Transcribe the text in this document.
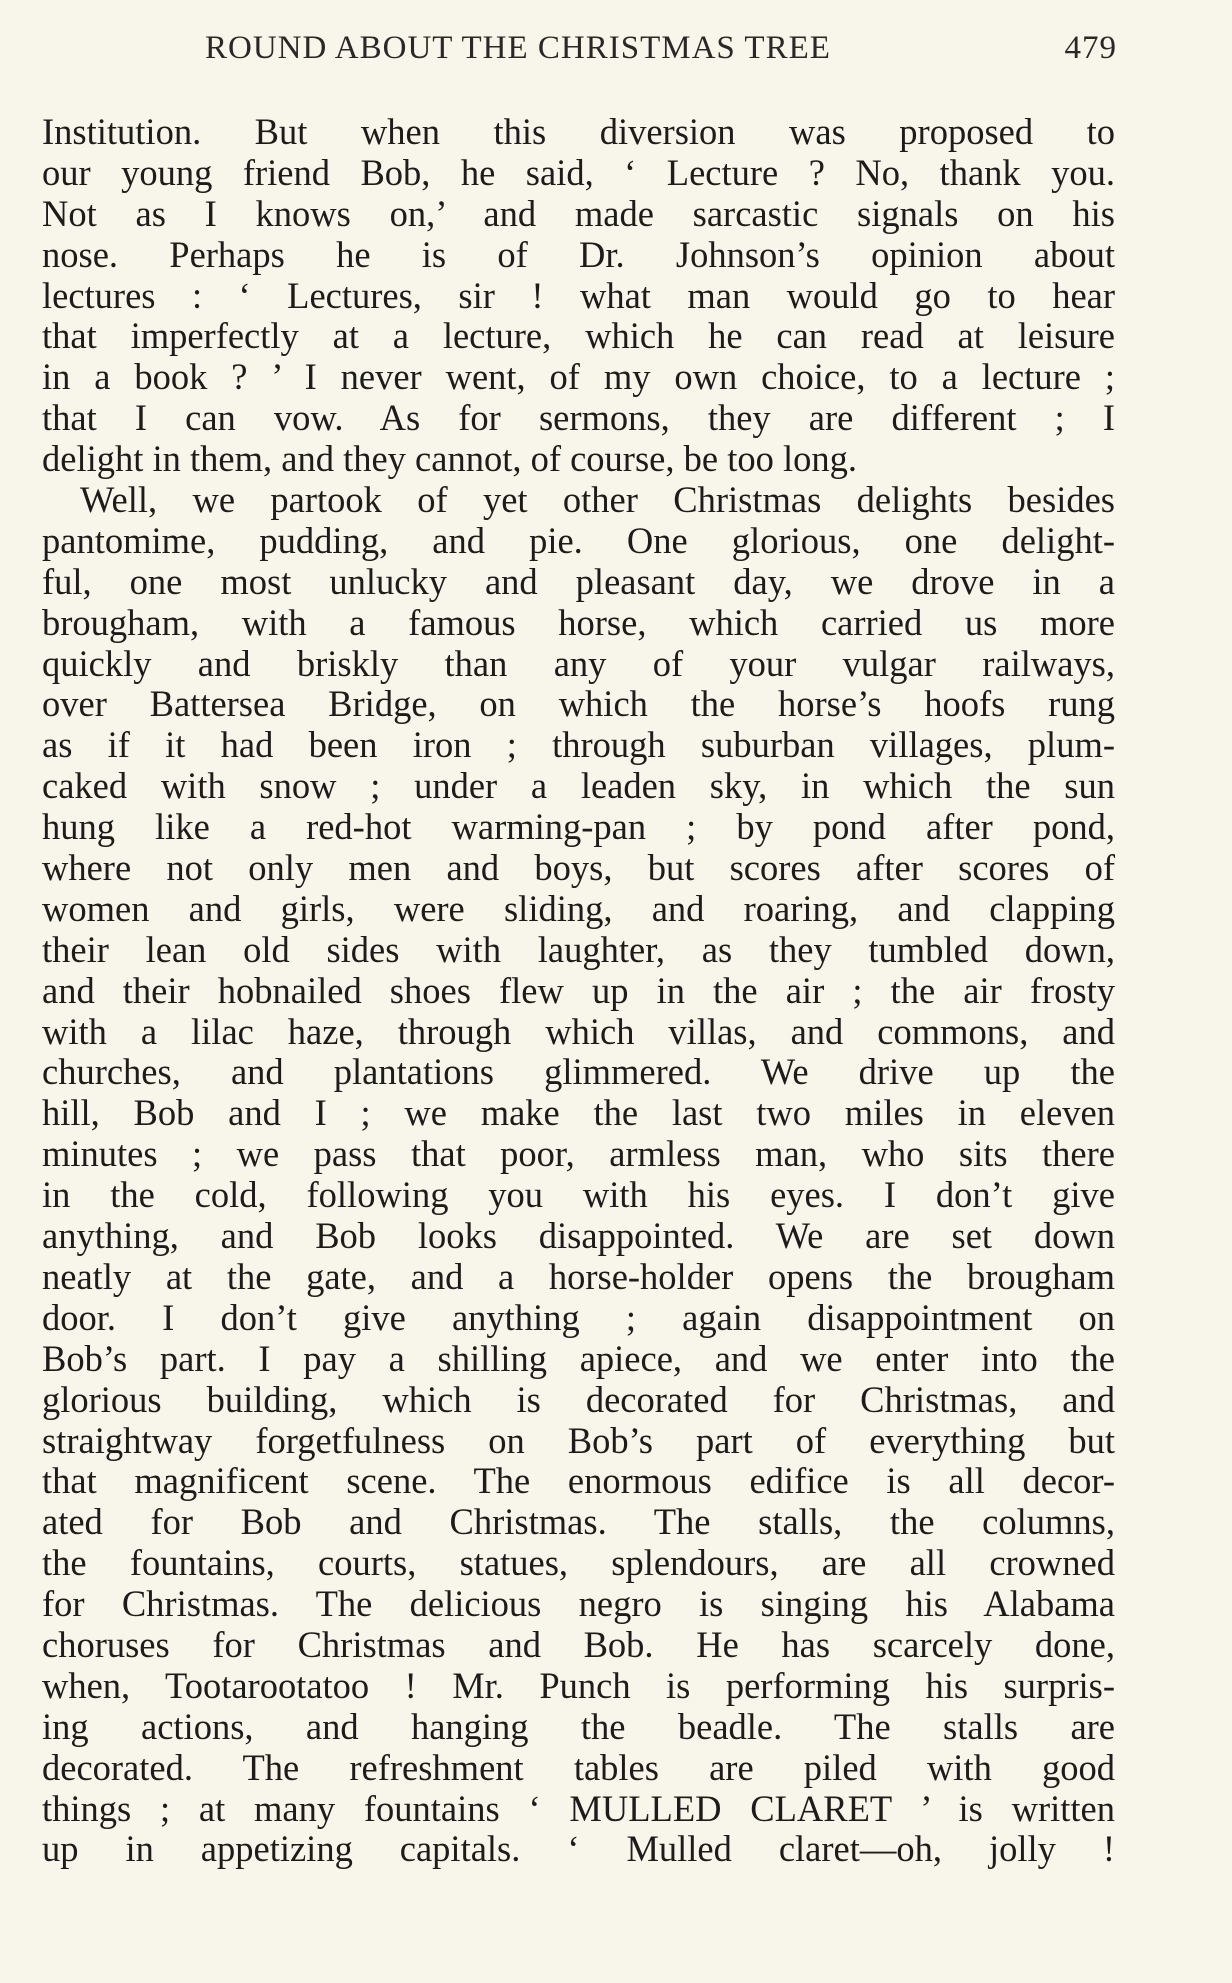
ROUND ABOUT THE CHRISTMAS TREE	479
Institution. But when this diversion was proposed to
our young friend Bob, he said, ‘ Lecture ? No, thank you.
Not as I knows on,’ and made sarcastic signals on his
nose. Perhaps he is of Dr. Johnson’s opinion about
lectures : ‘ Lectures, sir ! what man would go to hear
that imperfectly at a lecture, which he can read at leisure
in a book ? ’ I never went, of my own choice, to a lecture ;
that I can vow. As for sermons, they are different ; I
delight in them, and they cannot, of course, be too long.
Well, we partook of yet other Christmas delights besides
pantomime, pudding, and pie. One glorious, one delight-
ful, one most unlucky and pleasant day, we drove in a
brougham, with a famous horse, which carried us more
quickly and briskly than any of your vulgar railways,
over Battersea Bridge, on which the horse’s hoofs rung
as if it had been iron ; through suburban villages, plum-
caked with snow ; under a leaden sky, in which the sun
hung like a red-hot warming-pan ; by pond after pond,
where not only men and boys, but scores after scores of
women and girls, were sliding, and roaring, and clapping
their lean old sides with laughter, as they tumbled down,
and their hobnailed shoes flew up in the air ; the air frosty
with a lilac haze, through which villas, and commons, and
churches, and plantations glimmered. We drive up the
hill, Bob and I ; we make the last two miles in eleven
minutes ; we pass that poor, armless man, who sits there
in the cold, following you with his eyes. I don’t give
anything, and Bob looks disappointed. We are set down
neatly at the gate, and a horse-holder opens the brougham
door. I don’t give anything ; again disappointment on
Bob’s part. I pay a shilling apiece, and we enter into the
glorious building, which is decorated for Christmas, and
straightway forgetfulness on Bob’s part of everything but
that magnificent scene. The enormous edifice is all decor-
ated for Bob and Christmas. The stalls, the columns,
the fountains, courts, statues, splendours, are all crowned
for Christmas. The delicious negro is singing his Alabama
choruses for Christmas and Bob. He has scarcely done,
when, Tootarootatoo ! Mr. Punch is performing his surpris-
ing actions, and hanging the beadle. The stalls are
decorated. The refreshment tables are piled with good
things ; at many fountains ‘ MULLED CLARET ’ is written
up in appetizing capitals. ‘ Mulled claret—oh, jolly !
